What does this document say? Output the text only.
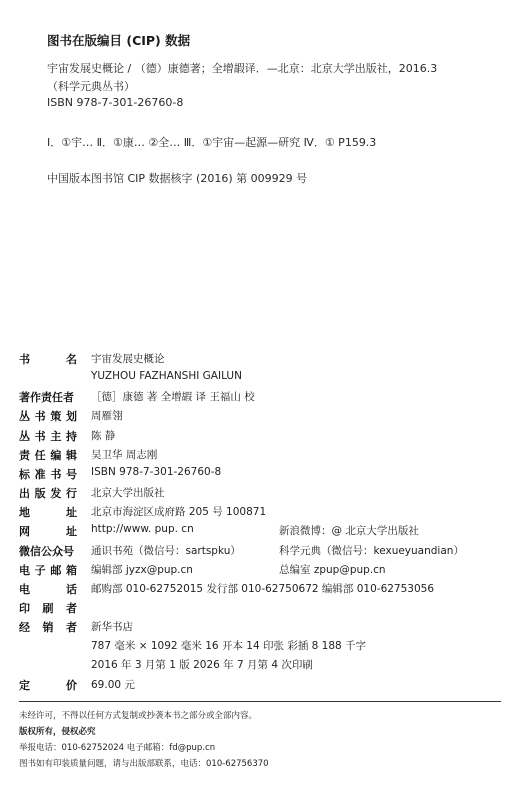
图书在版编目 (CIP) 数据
宇宙发展史概论 / （德）康德著；全增嘏译．—北京：北京大学出版社，2016.3
（科学元典丛书）
ISBN 978-7-301-26760-8
Ⅰ．①宇… Ⅱ．①康… ②全… Ⅲ．①宇宙—起源—研究 Ⅳ．① P159.3
中国版本图书馆 CIP 数据核字 (2016) 第 009929 号
书	名 宇宙发展史概论
YUZHOU FAZHANSHI GAILUN
著作责任者 ［德］康德 著 全增嘏 译 王福山 校
丛 书 策 划 周雁翎
丛 书 主 持 陈 静
责 任 编 辑 吴卫华 周志刚
标 准 书 号 ISBN 978-7-301-26760-8
出 版 发 行 北京大学出版社
地	址 北京市海淀区成府路 205 号 100871
网	址 http://www. pup. cn	新浪微博：@ 北京大学出版社
微信公众号 通识书苑（微信号：sartspku）	科学元典（微信号：kexueyuandian）
电 子 邮 箱 编辑部 jyzx@pup.cn	总编室 zpup@pup.cn
电	话 邮购部 010-62752015 发行部 010-62750672 编辑部 010-62753056
印 刷 者
经 销 者 新华书店
787 毫米 × 1092 毫米 16 开本 14 印张 彩插 8 188 千字
2016 年 3 月第 1 版 2026 年 7 月第 4 次印刷
定	价 69.00 元
未经许可，不得以任何方式复制或抄袭本书之部分或全部内容。
版权所有，侵权必究
举报电话：010-62752024 电子邮箱：fd@pup.cn
图书如有印装质量问题，请与出版部联系，电话：010-62756370
